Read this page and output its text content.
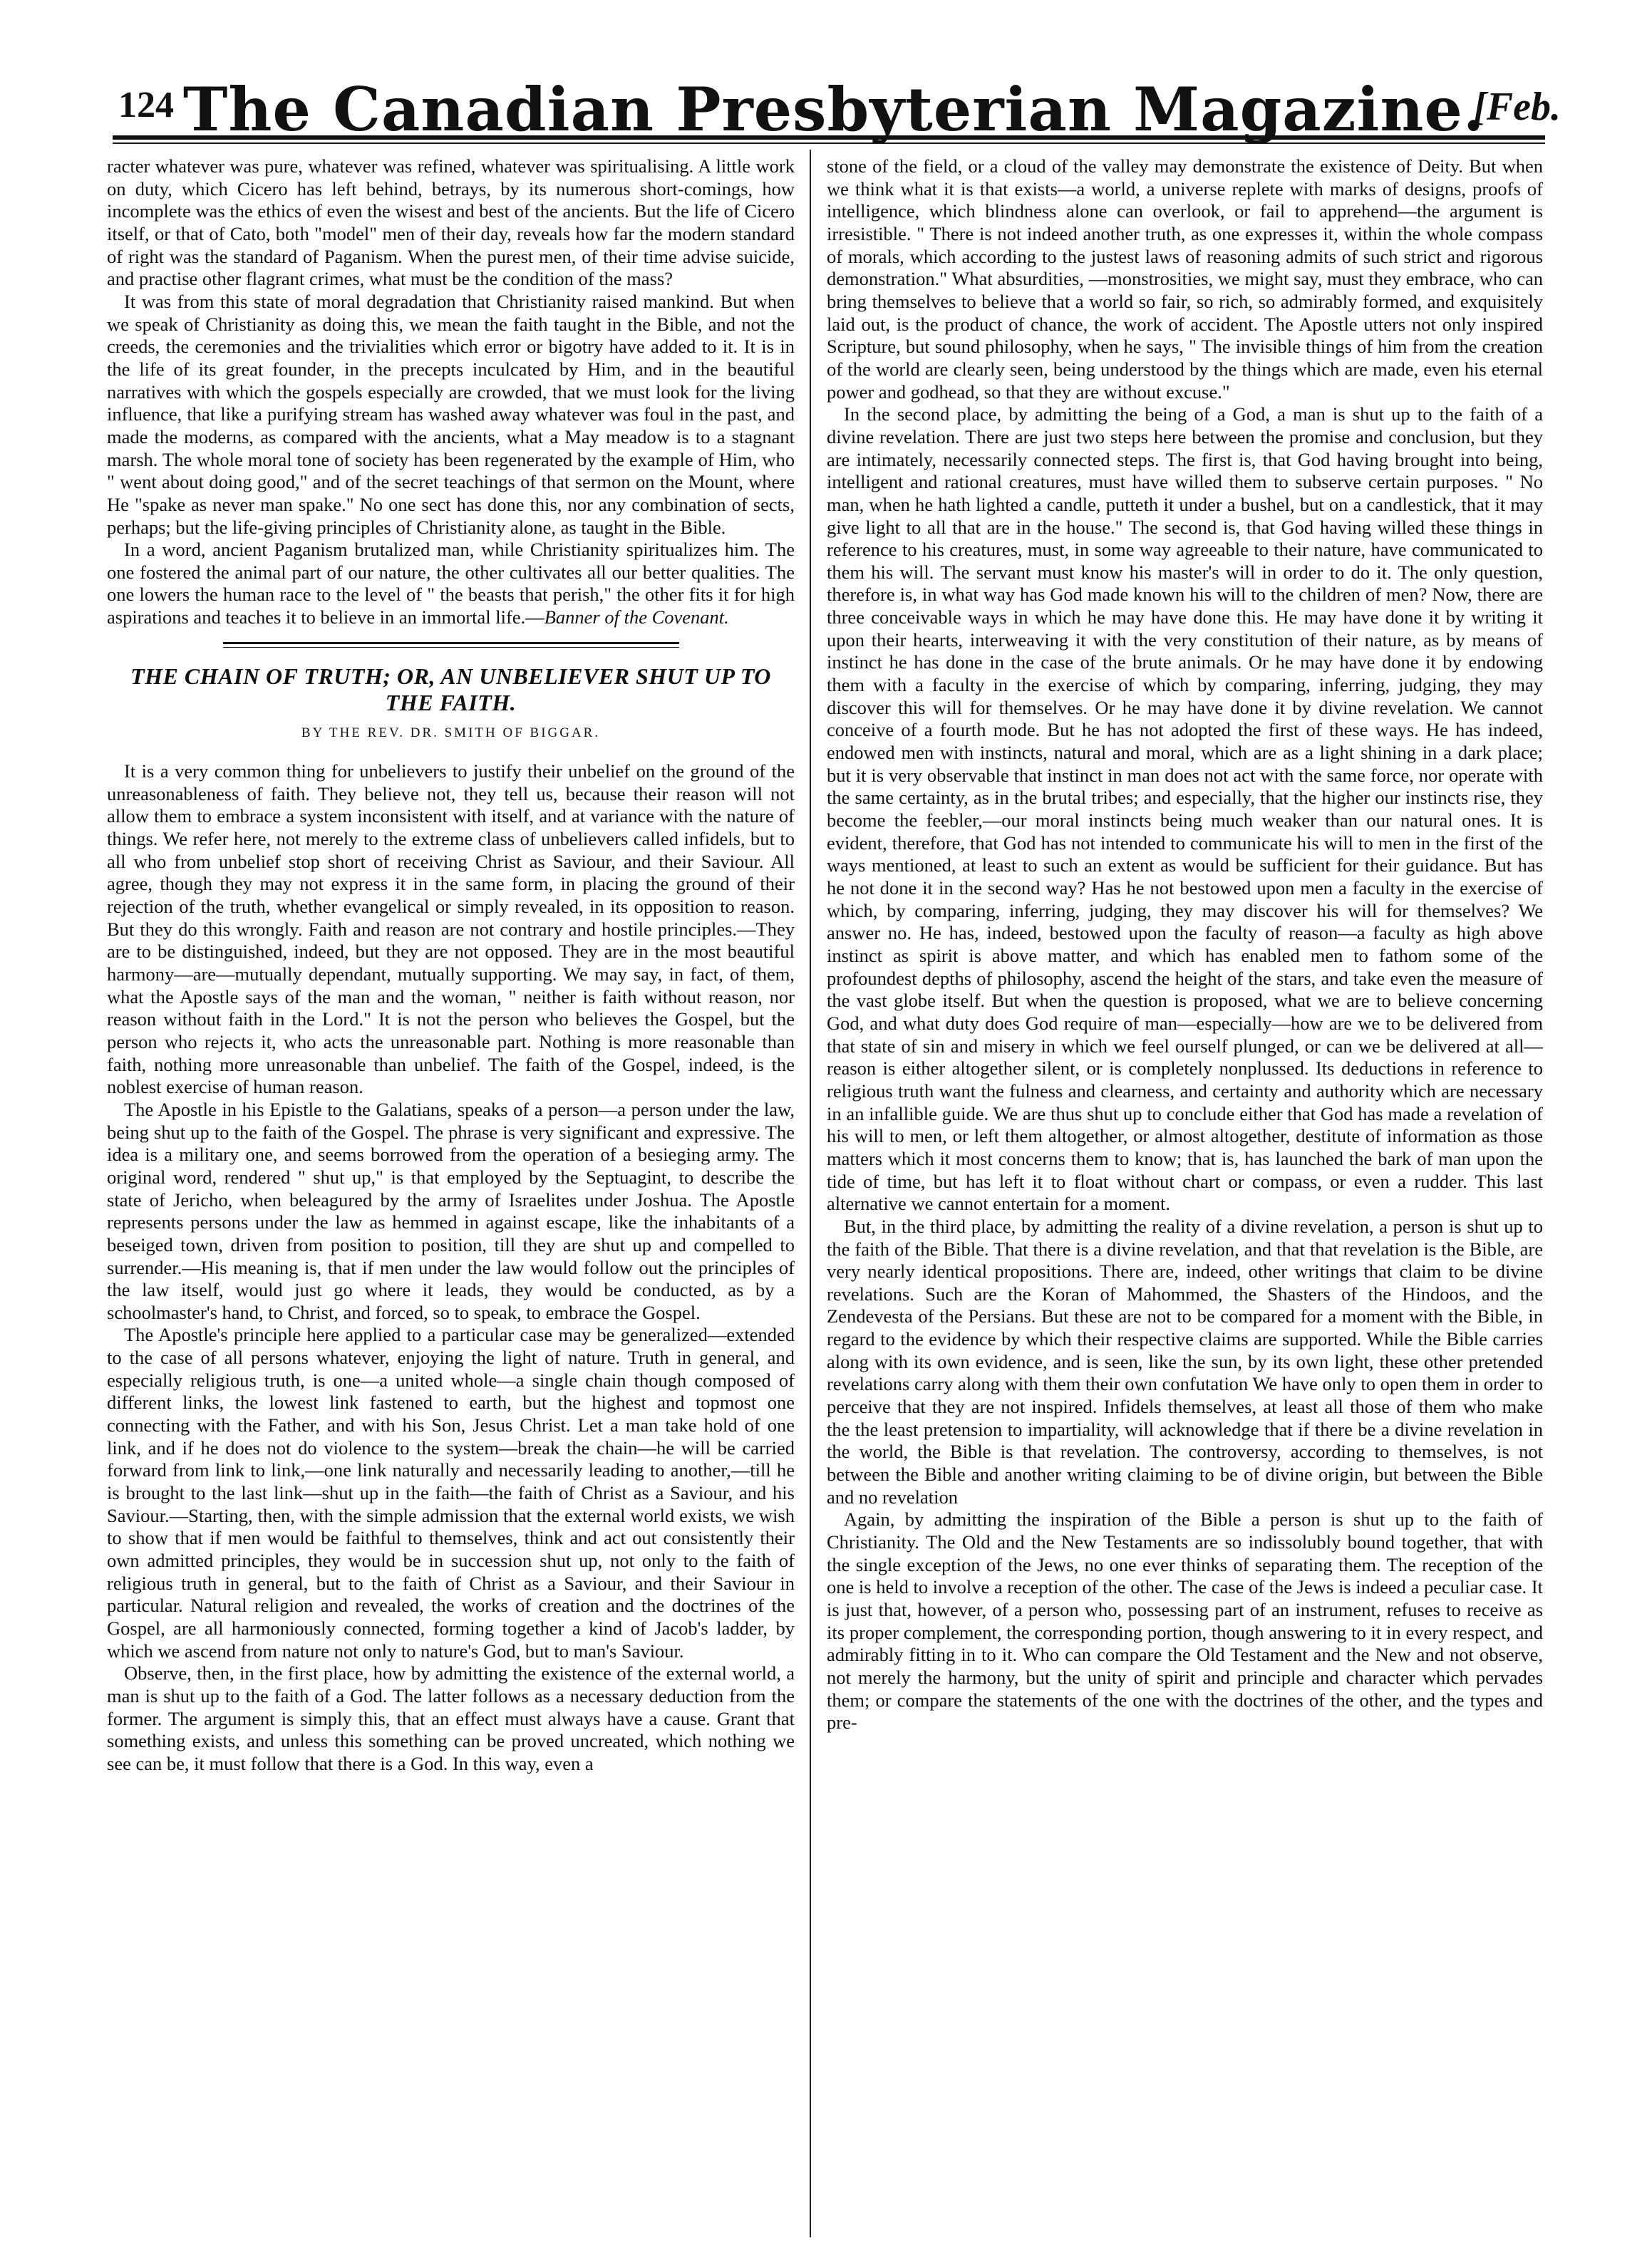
124 The Canadian Presbyterian Magazine.
[Feb.

racter whatever was pure, whatever was refined, whatever was spiritualising. A little work on duty, which Cicero has left behind, betrays, by its numerous short-comings, how incomplete was the ethics of even the wisest and best of the ancients. But the life of Cicero itself, or that of Cato, both "model" men of their day, reveals how far the modern standard of right was the standard of Paganism. When the purest men, of their time advise suicide, and practise other flagrant crimes, what must be the condition of the mass?

It was from this state of moral degradation that Christianity raised mankind. But when we speak of Christianity as doing this, we mean the faith taught in the Bible, and not the creeds, the ceremonies and the trivialities which error or bigotry have added to it. It is in the life of its great founder, in the precepts inculcated by Him, and in the beautiful narratives with which the gospels especially are crowded, that we must look for the living influence, that like a purifying stream has washed away whatever was foul in the past, and made the moderns, as compared with the ancients, what a May meadow is to a stagnant marsh. The whole moral tone of society has been regenerated by the example of Him, who " went about doing good," and of the secret teachings of that sermon on the Mount, where He "spake as never man spake." No one sect has done this, nor any combination of sects, perhaps; but the life-giving principles of Christianity alone, as taught in the Bible.

In a word, ancient Paganism brutalized man, while Christianity spiritualizes him. The one fostered the animal part of our nature, the other cultivates all our better qualities. The one lowers the human race to the level of " the beasts that perish," the other fits it for high aspirations and teaches it to believe in an immortal life.—Banner of the Covenant.

THE CHAIN OF TRUTH; OR, AN UNBELIEVER SHUT UP TO THE FAITH.
BY THE REV. DR. SMITH OF BIGGAR.

It is a very common thing for unbelievers to justify their unbelief on the ground of the unreasonableness of faith. They believe not, they tell us, because their reason will not allow them to embrace a system inconsistent with itself, and at variance with the nature of things. We refer here, not merely to the extreme class of unbelievers called infidels, but to all who from unbelief stop short of receiving Christ as Saviour, and their Saviour. All agree, though they may not express it in the same form, in placing the ground of their rejection of the truth, whether evangelical or simply revealed, in its opposition to reason. But they do this wrongly. Faith and reason are not contrary and hostile principles.—They are to be distinguished, indeed, but they are not opposed. They are in the most beautiful harmony—are—mutually dependant, mutually supporting. We may say, in fact, of them, what the Apostle says of the man and the woman, " neither is faith without reason, nor reason without faith in the Lord." It is not the person who believes the Gospel, but the person who rejects it, who acts the unreasonable part. Nothing is more reasonable than faith, nothing more unreasonable than unbelief. The faith of the Gospel, indeed, is the noblest exercise of human reason.

The Apostle in his Epistle to the Galatians, speaks of a person—a person under the law, being shut up to the faith of the Gospel. The phrase is very significant and expressive. The idea is a military one, and seems borrowed from the operation of a besieging army. The original word, rendered " shut up," is that employed by the Septuagint, to describe the state of Jericho, when beleagured by the army of Israelites under Joshua. The Apostle represents persons under the law as hemmed in against escape, like the inhabitants of a beseiged town, driven from position to position, till they are shut up and compelled to surrender.—His meaning is, that if men under the law would follow out the principles of the law itself, would just go where it leads, they would be conducted, as by a schoolmaster's hand, to Christ, and forced, so to speak, to embrace the Gospel.

The Apostle's principle here applied to a particular case may be generalized—extended to the case of all persons whatever, enjoying the light of nature. Truth in general, and especially religious truth, is one—a united whole—a single chain though composed of different links, the lowest link fastened to earth, but the highest and topmost one connecting with the Father, and with his Son, Jesus Christ. Let a man take hold of one link, and if he does not do violence to the system—break the chain—he will be carried forward from link to link,—one link naturally and necessarily leading to another,—till he is brought to the last link—shut up in the faith—the faith of Christ as a Saviour, and his Saviour.—Starting, then, with the simple admission that the external world exists, we wish to show that if men would be faithful to themselves, think and act out consistently their own admitted principles, they would be in succession shut up, not only to the faith of religious truth in general, but to the faith of Christ as a Saviour, and their Saviour in particular. Natural religion and revealed, the works of creation and the doctrines of the Gospel, are all harmoniously connected, forming together a kind of Jacob's ladder, by which we ascend from nature not only to nature's God, but to man's Saviour.

Observe, then, in the first place, how by admitting the existence of the external world, a man is shut up to the faith of a God. The latter follows as a necessary deduction from the former. The argument is simply this, that an effect must always have a cause. Grant that something exists, and unless this something can be proved uncreated, which nothing we see can be, it must follow that there is a God. In this way, even a

stone of the field, or a cloud of the valley may demonstrate the existence of Deity. But when we think what it is that exists—a world, a universe replete with marks of designs, proofs of intelligence, which blindness alone can overlook, or fail to apprehend—the argument is irresistible. " There is not indeed another truth, as one expresses it, within the whole compass of morals, which according to the justest laws of reasoning admits of such strict and rigorous demonstration." What absurdities, —monstrosities, we might say, must they embrace, who can bring themselves to believe that a world so fair, so rich, so admirably formed, and exquisitely laid out, is the product of chance, the work of accident. The Apostle utters not only inspired Scripture, but sound philosophy, when he says, " The invisible things of him from the creation of the world are clearly seen, being understood by the things which are made, even his eternal power and godhead, so that they are without excuse."

In the second place, by admitting the being of a God, a man is shut up to the faith of a divine revelation. There are just two steps here between the promise and conclusion, but they are intimately, necessarily connected steps. The first is, that God having brought into being, intelligent and rational creatures, must have willed them to subserve certain purposes. " No man, when he hath lighted a candle, putteth it under a bushel, but on a candlestick, that it may give light to all that are in the house." The second is, that God having willed these things in reference to his creatures, must, in some way agreeable to their nature, have communicated to them his will. The servant must know his master's will in order to do it. The only question, therefore is, in what way has God made known his will to the children of men? Now, there are three conceivable ways in which he may have done this. He may have done it by writing it upon their hearts, interweaving it with the very constitution of their nature, as by means of instinct he has done in the case of the brute animals. Or he may have done it by endowing them with a faculty in the exercise of which by comparing, inferring, judging, they may discover this will for themselves. Or he may have done it by divine revelation. We cannot conceive of a fourth mode. But he has not adopted the first of these ways. He has indeed, endowed men with instincts, natural and moral, which are as a light shining in a dark place; but it is very observable that instinct in man does not act with the same force, nor operate with the same certainty, as in the brutal tribes; and especially, that the higher our instincts rise, they become the feebler,—our moral instincts being much weaker than our natural ones. It is evident, therefore, that God has not intended to communicate his will to men in the first of the ways mentioned, at least to such an extent as would be sufficient for their guidance. But has he not done it in the second way? Has he not bestowed upon men a faculty in the exercise of which, by comparing, inferring, judging, they may discover his will for themselves? We answer no. He has, indeed, bestowed upon the faculty of reason—a faculty as high above instinct as spirit is above matter, and which has enabled men to fathom some of the profoundest depths of philosophy, ascend the height of the stars, and take even the measure of the vast globe itself. But when the question is proposed, what we are to believe concerning God, and what duty does God require of man—especially—how are we to be delivered from that state of sin and misery in which we feel ourself plunged, or can we be delivered at all—reason is either altogether silent, or is completely nonplussed. Its deductions in reference to religious truth want the fulness and clearness, and certainty and authority which are necessary in an infallible guide. We are thus shut up to conclude either that God has made a revelation of his will to men, or left them altogether, or almost altogether, destitute of information as those matters which it most concerns them to know; that is, has launched the bark of man upon the tide of time, but has left it to float without chart or compass, or even a rudder. This last alternative we cannot entertain for a moment.

But, in the third place, by admitting the reality of a divine revelation, a person is shut up to the faith of the Bible. That there is a divine revelation, and that that revelation is the Bible, are very nearly identical propositions. There are, indeed, other writings that claim to be divine revelations. Such are the Koran of Mahommed, the Shasters of the Hindoos, and the Zendevesta of the Persians. But these are not to be compared for a moment with the Bible, in regard to the evidence by which their respective claims are supported. While the Bible carries along with its own evidence, and is seen, like the sun, by its own light, these other pretended revelations carry along with them their own confutation We have only to open them in order to perceive that they are not inspired. Infidels themselves, at least all those of them who make the the least pretension to impartiality, will acknowledge that if there be a divine revelation in the world, the Bible is that revelation. The controversy, according to themselves, is not between the Bible and another writing claiming to be of divine origin, but between the Bible and no revelation

Again, by admitting the inspiration of the Bible a person is shut up to the faith of Christianity. The Old and the New Testaments are so indissolubly bound together, that with the single exception of the Jews, no one ever thinks of separating them. The reception of the one is held to involve a reception of the other. The case of the Jews is indeed a peculiar case. It is just that, however, of a person who, possessing part of an instrument, refuses to receive as its proper complement, the corresponding portion, though answering to it in every respect, and admirably fitting in to it. Who can compare the Old Testament and the New and not observe, not merely the harmony, but the unity of spirit and principle and character which pervades them; or compare the statements of the one with the doctrines of the other, and the types and pre-
